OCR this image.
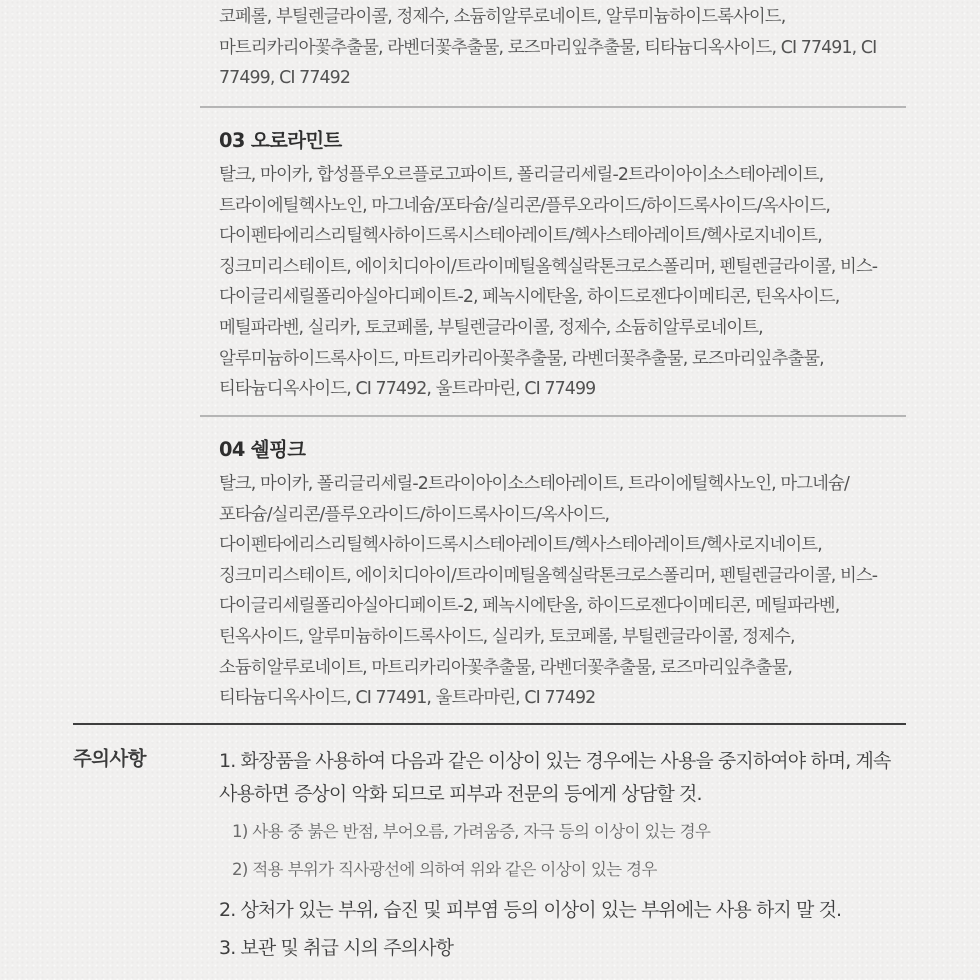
코페롤, 부틸렌글라이콜, 정제수, 소듐히알루로네이트, 알루미늄하이드록사이드, 마트리카리아꽃추출물, 라벤더꽃추출물, 로즈마리잎추출물, 티타늄디옥사이드, CI 77491, CI 77499, CI 77492

03 오로라민트

탈크, 마이카, 합성플루오르플로고파이트, 폴리글리세릴-2트라이아이소스테아레이트, 트라이에틸헥사노인, 마그네슘/포타슘/실리콘/플루오라이드/하이드록사이드/옥사이드, 다이펜타에리스리틸헥사하이드록시스테아레이트/헥사스테아레이트/헥사로지네이트, 징크미리스테이트, 에이치디아이/트라이메틸올헥실락톤크로스폴리머, 펜틸렌글라이콜, 비스-다이글리세릴폴리아실아디페이트-2, 페녹시에탄올, 하이드로젠다이메티콘, 틴옥사이드, 메틸파라벤, 실리카, 토코페롤, 부틸렌글라이콜, 정제수, 소듐히알루로네이트, 알루미늄하이드록사이드, 마트리카리아꽃추출물, 라벤더꽃추출물, 로즈마리잎추출물, 티타늄디옥사이드, CI 77492, 울트라마린, CI 77499

04 쉘핑크

탈크, 마이카, 폴리글리세릴-2트라이아이소스테아레이트, 트라이에틸헥사노인, 마그네슘/포타슘/실리콘/플루오라이드/하이드록사이드/옥사이드, 다이펜타에리스리틸헥사하이드록시스테아레이트/헥사스테아레이트/헥사로지네이트, 징크미리스테이트, 에이치디아이/트라이메틸올헥실락톤크로스폴리머, 펜틸렌글라이콜, 비스-다이글리세릴폴리아실아디페이트-2, 페녹시에탄올, 하이드로젠다이메티콘, 메틸파라벤, 틴옥사이드, 알루미늄하이드록사이드, 실리카, 토코페롤, 부틸렌글라이콜, 정제수, 소듐히알루로네이트, 마트리카리아꽃추출물, 라벤더꽃추출물, 로즈마리잎추출물, 티타늄디옥사이드, CI 77491, 울트라마린, CI 77492

주의사항	1. 화장품을 사용하여 다음과 같은 이상이 있는 경우에는 사용을 중지하여야 하며, 계속 사용하면 증상이 악화 되므로 피부과 전문의 등에게 상담할 것.

1) 사용 중 붉은 반점, 부어오름, 가려움증, 자극 등의 이상이 있는 경우

2) 적용 부위가 직사광선에 의하여 위와 같은 이상이 있는 경우

2. 상처가 있는 부위, 습진 및 피부염 등의 이상이 있는 부위에는 사용 하지 말 것.

3. 보관 및 취급 시의 주의사항
